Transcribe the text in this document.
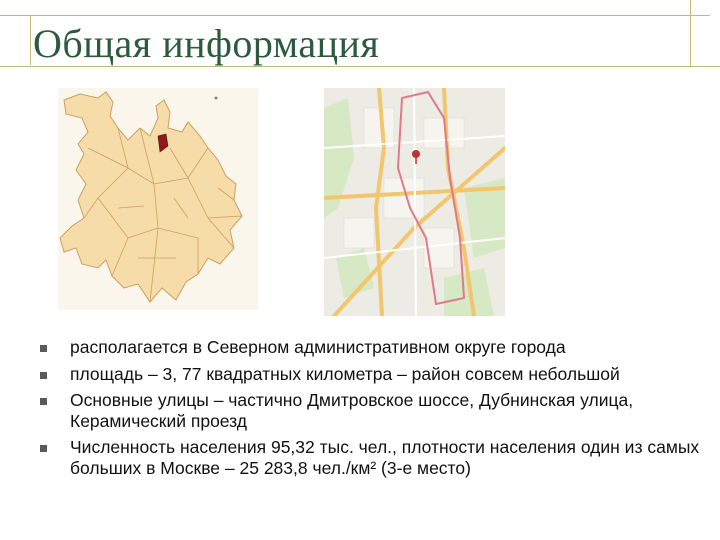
Общая информация
располагается в Северном административном округе города
площадь – 3, 77 квадратных километра – район совсем небольшой
Основные улицы – частично Дмитровское шоссе, Дубнинская улица, Керамический проезд
Численность населения 95,32 тыс. чел., плотности населения один из самых больших в Москве – 25 283,8 чел./км² (3-е место)
